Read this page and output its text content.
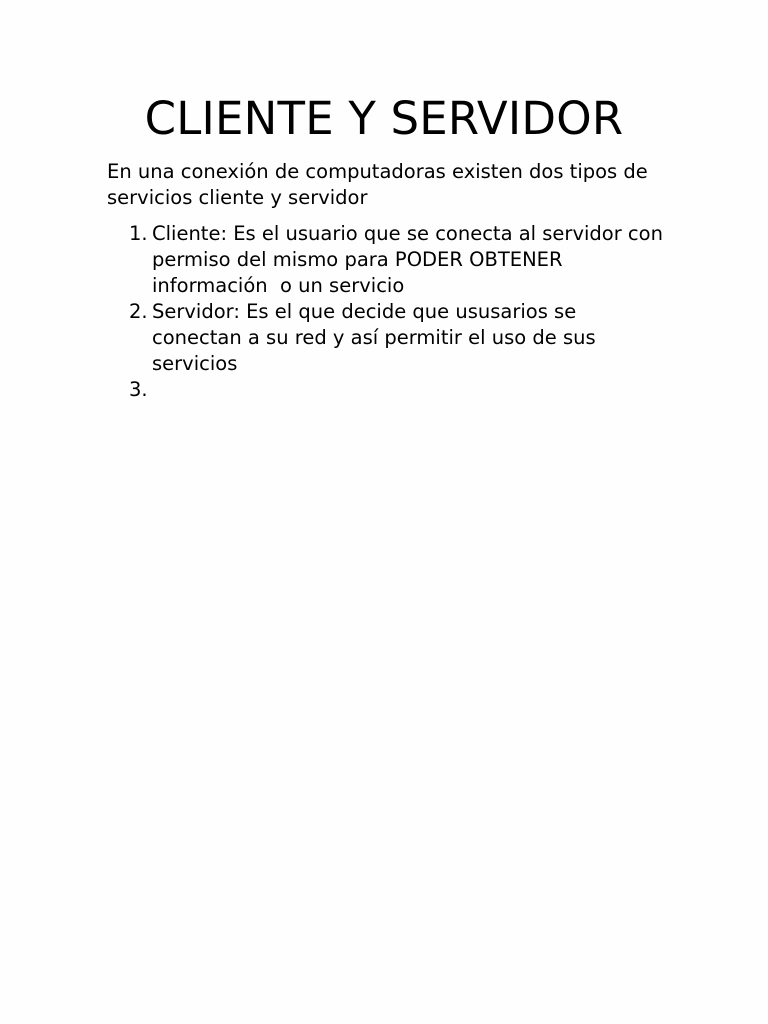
CLIENTE Y SERVIDOR

En una conexión de computadoras existen dos tipos de servicios cliente y servidor

1. Cliente: Es el usuario que se conecta al servidor con permiso del mismo para PODER OBTENER información  o un servicio
2. Servidor: Es el que decide que ususarios se conectan a su red y así permitir el uso de sus servicios
3.
